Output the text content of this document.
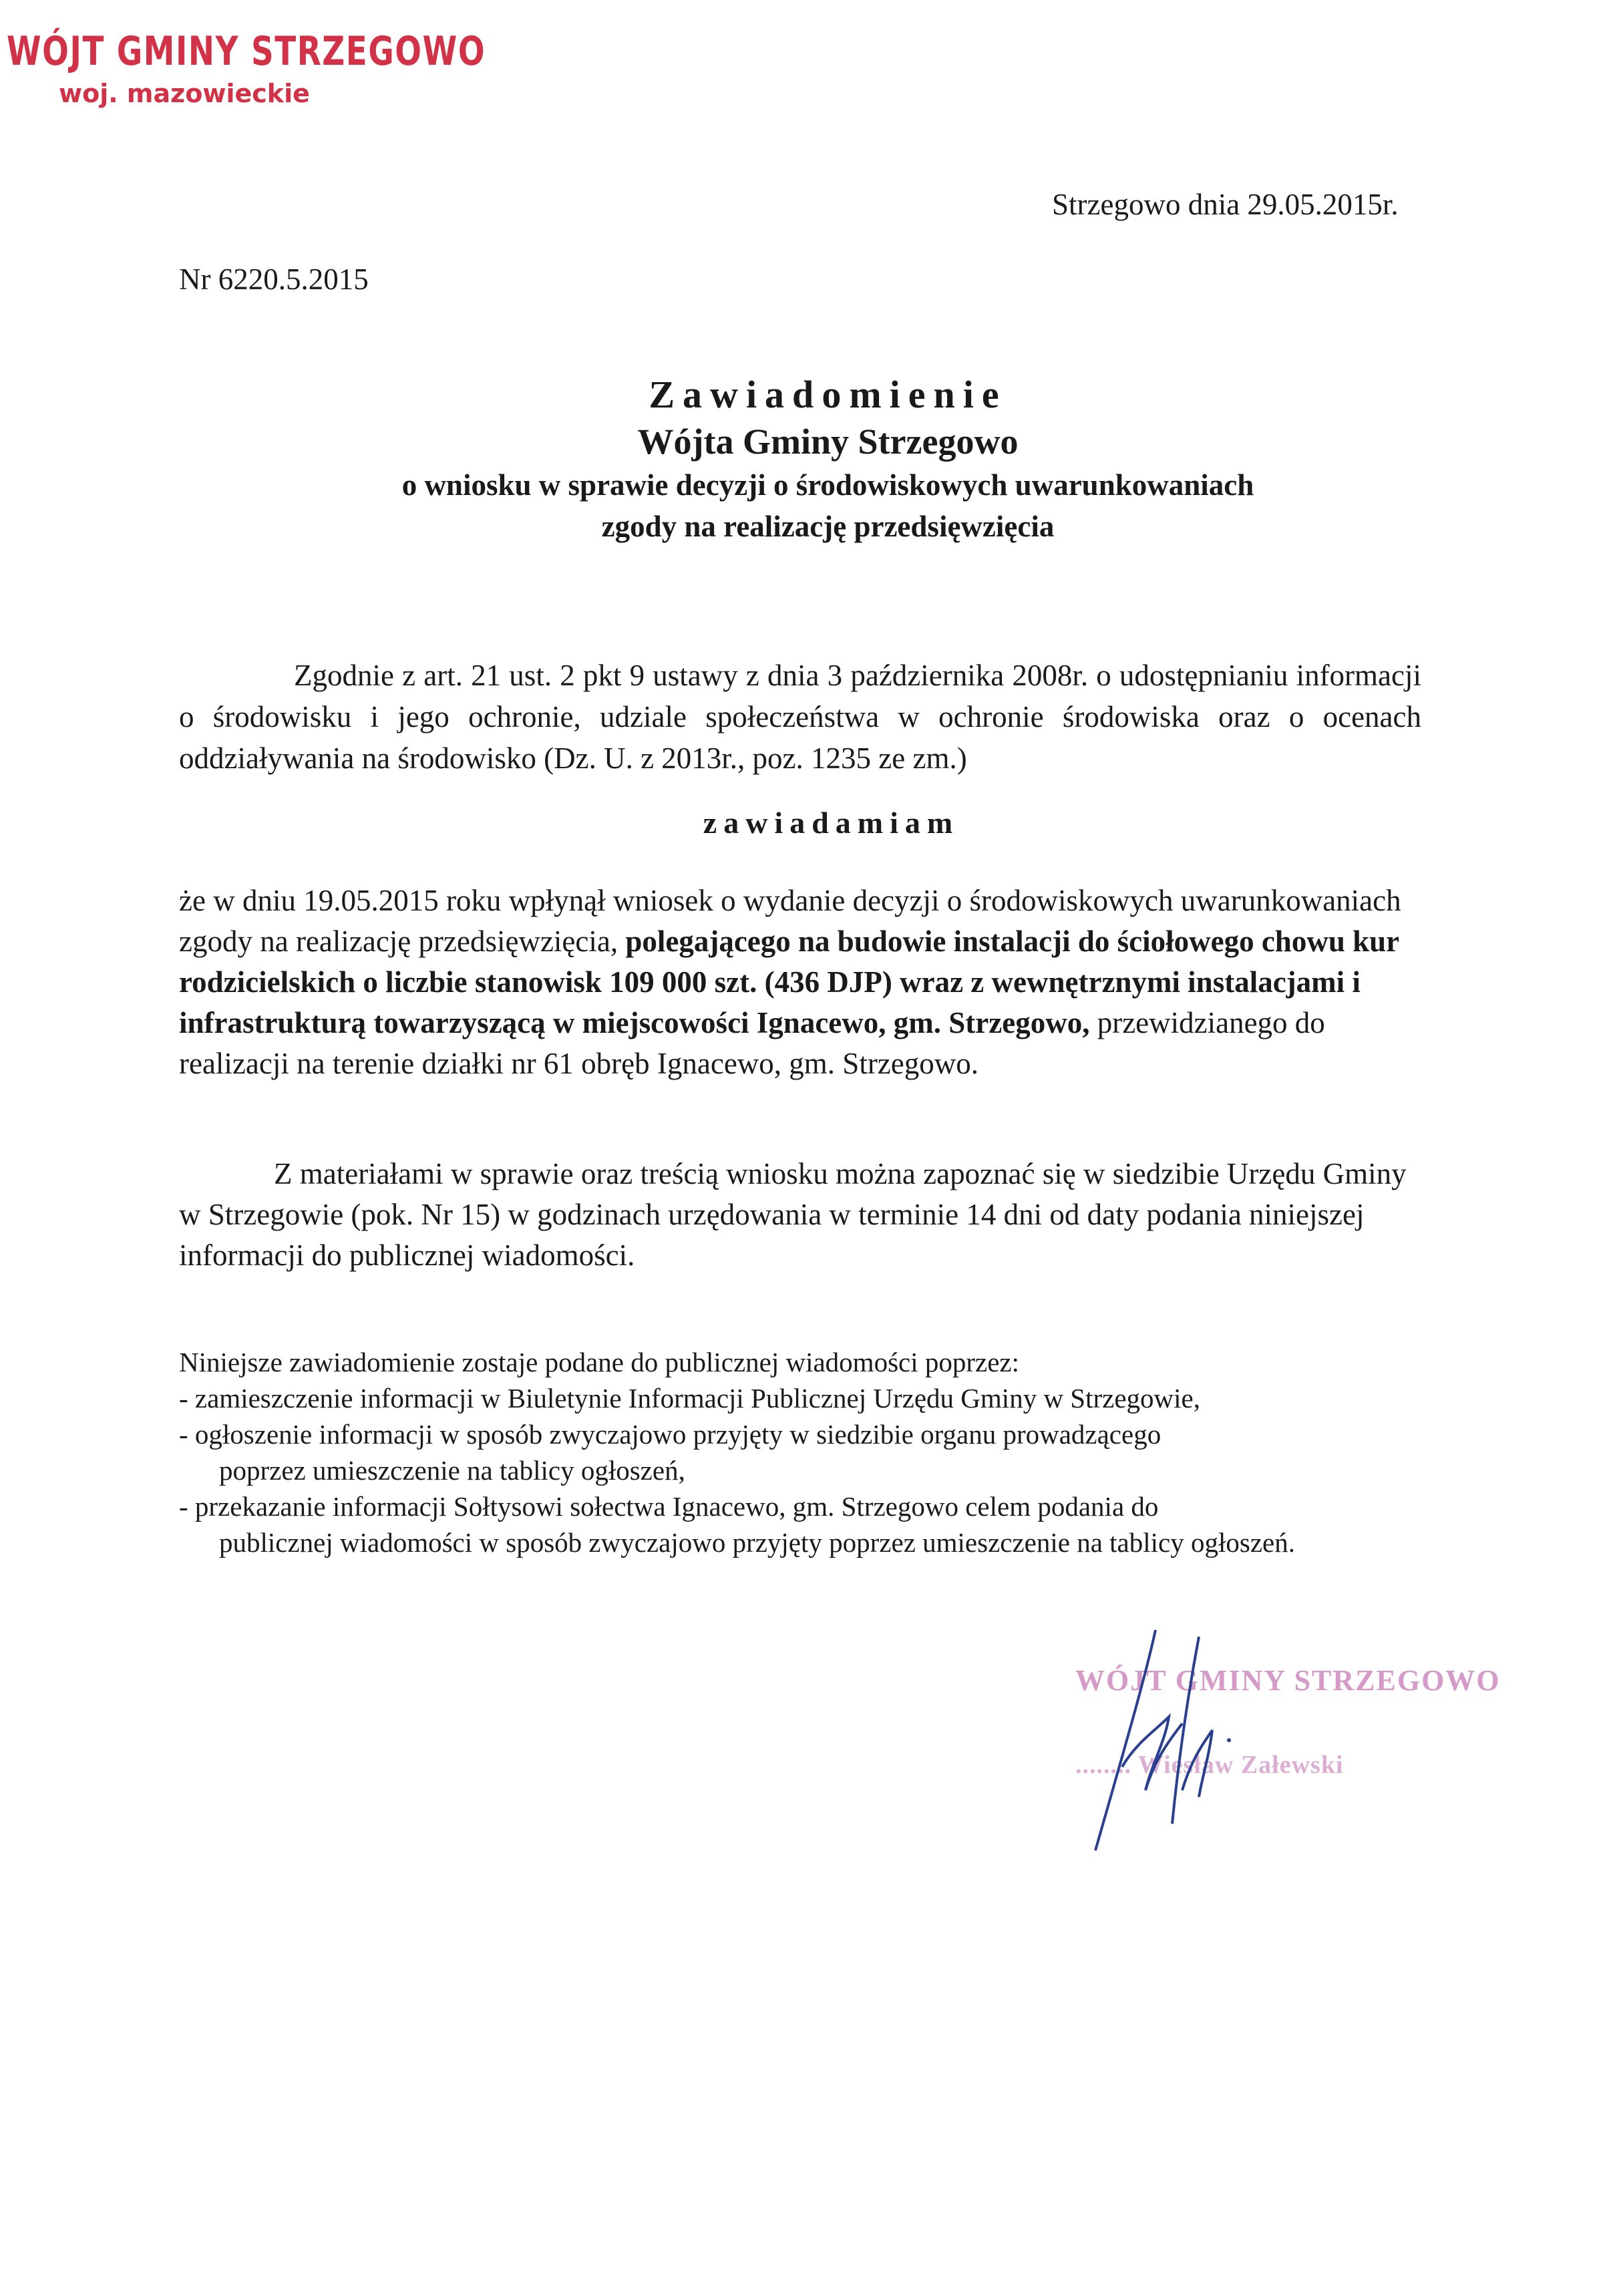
WÓJT GMINY STRZEGOWO
woj. mazowieckie
Strzegowo dnia 29.05.2015r.
Nr 6220.5.2015
Zawiadomienie
Wójta Gminy Strzegowo
o wniosku w sprawie decyzji o środowiskowych uwarunkowaniach
zgody na realizację przedsięwzięcia
Zgodnie z art. 21 ust. 2 pkt 9 ustawy z dnia 3 października 2008r. o udostępnianiu informacji o środowisku i jego ochronie, udziale społeczeństwa w ochronie środowiska oraz o ocenach oddziaływania na środowisko (Dz. U. z 2013r., poz. 1235 ze zm.)
zawiadamiam
że w dniu 19.05.2015 roku wpłynął wniosek o wydanie decyzji o środowiskowych uwarunkowaniach zgody na realizację przedsięwzięcia, polegającego na budowie instalacji do ściołowego chowu kur rodzicielskich o liczbie stanowisk 109 000 szt. (436 DJP) wraz z wewnętrznymi instalacjami i infrastrukturą towarzyszącą w miejscowości Ignacewo, gm. Strzegowo, przewidzianego do realizacji na terenie działki nr 61 obręb Ignacewo, gm. Strzegowo.
Z materiałami w sprawie oraz treścią wniosku można zapoznać się w siedzibie Urzędu Gminy w Strzegowie (pok. Nr 15) w godzinach urzędowania w terminie 14 dni od daty podania niniejszej informacji do publicznej wiadomości.
Niniejsze zawiadomienie zostaje podane do publicznej wiadomości poprzez:
- zamieszczenie informacji w Biuletynie Informacji Publicznej Urzędu Gminy w Strzegowie,
- ogłoszenie informacji w sposób zwyczajowo przyjęty w siedzibie organu prowadzącego
poprzez umieszczenie na tablicy ogłoszeń,
- przekazanie informacji Sołtysowi sołectwa Ignacewo, gm. Strzegowo celem podania do
publicznej wiadomości w sposób zwyczajowo przyjęty poprzez umieszczenie na tablicy ogłoszeń.
WÓJT GMINY STRZEGOWO
........ Wiesław Załewski
